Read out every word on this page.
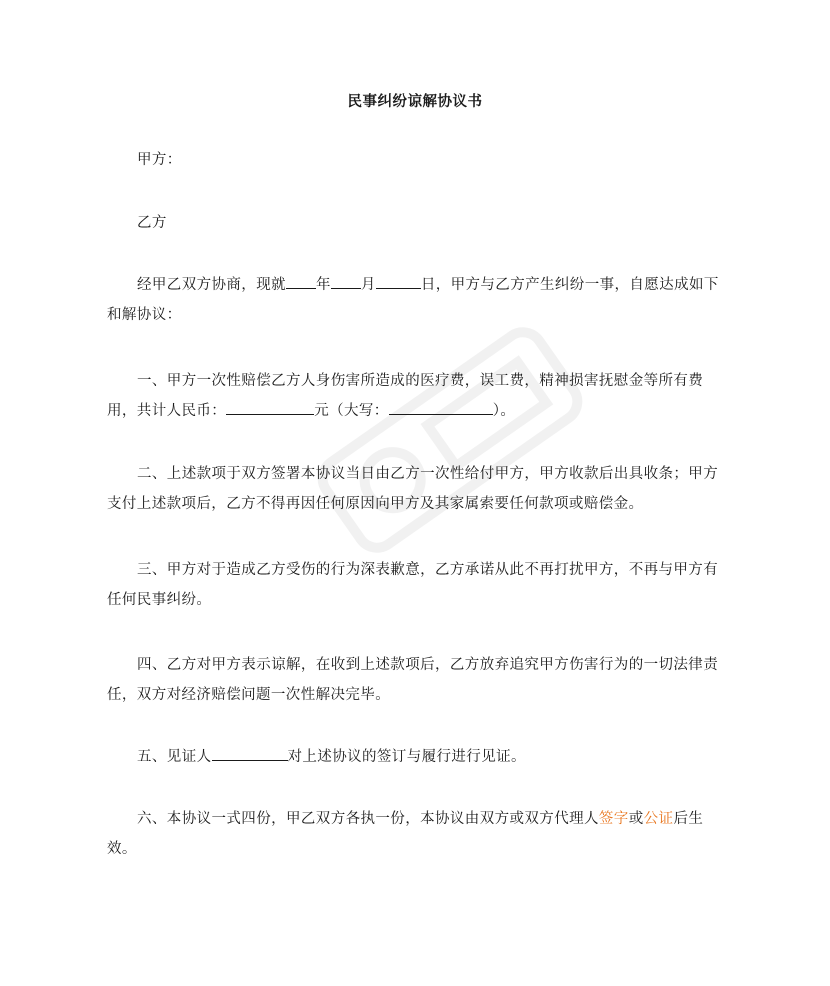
民事纠纷谅解协议书
甲方：
乙方
经甲乙双方协商，现就 年 月	日，甲方与乙方产生纠纷一事，自愿达成如下和解协议：
一、甲方一次性赔偿乙方人身伤害所造成的医疗费，误工费，精神损害抚慰金等所有费用，共计人民币：	元（大写：	）。
二、上述款项于双方签署本协议当日由乙方一次性给付甲方，甲方收款后出具收条；甲方支付上述款项后，乙方不得再因任何原因向甲方及其家属索要任何款项或赔偿金。
三、甲方对于造成乙方受伤的行为深表歉意，乙方承诺从此不再打扰甲方，不再与甲方有任何民事纠纷。
四、乙方对甲方表示谅解，在收到上述款项后，乙方放弃追究甲方伤害行为的一切法律责任，双方对经济赔偿问题一次性解决完毕。
五、见证人	对上述协议的签订与履行进行见证。
六、本协议一式四份，甲乙双方各执一份，本协议由双方或双方代理人签字或公证后生效。
